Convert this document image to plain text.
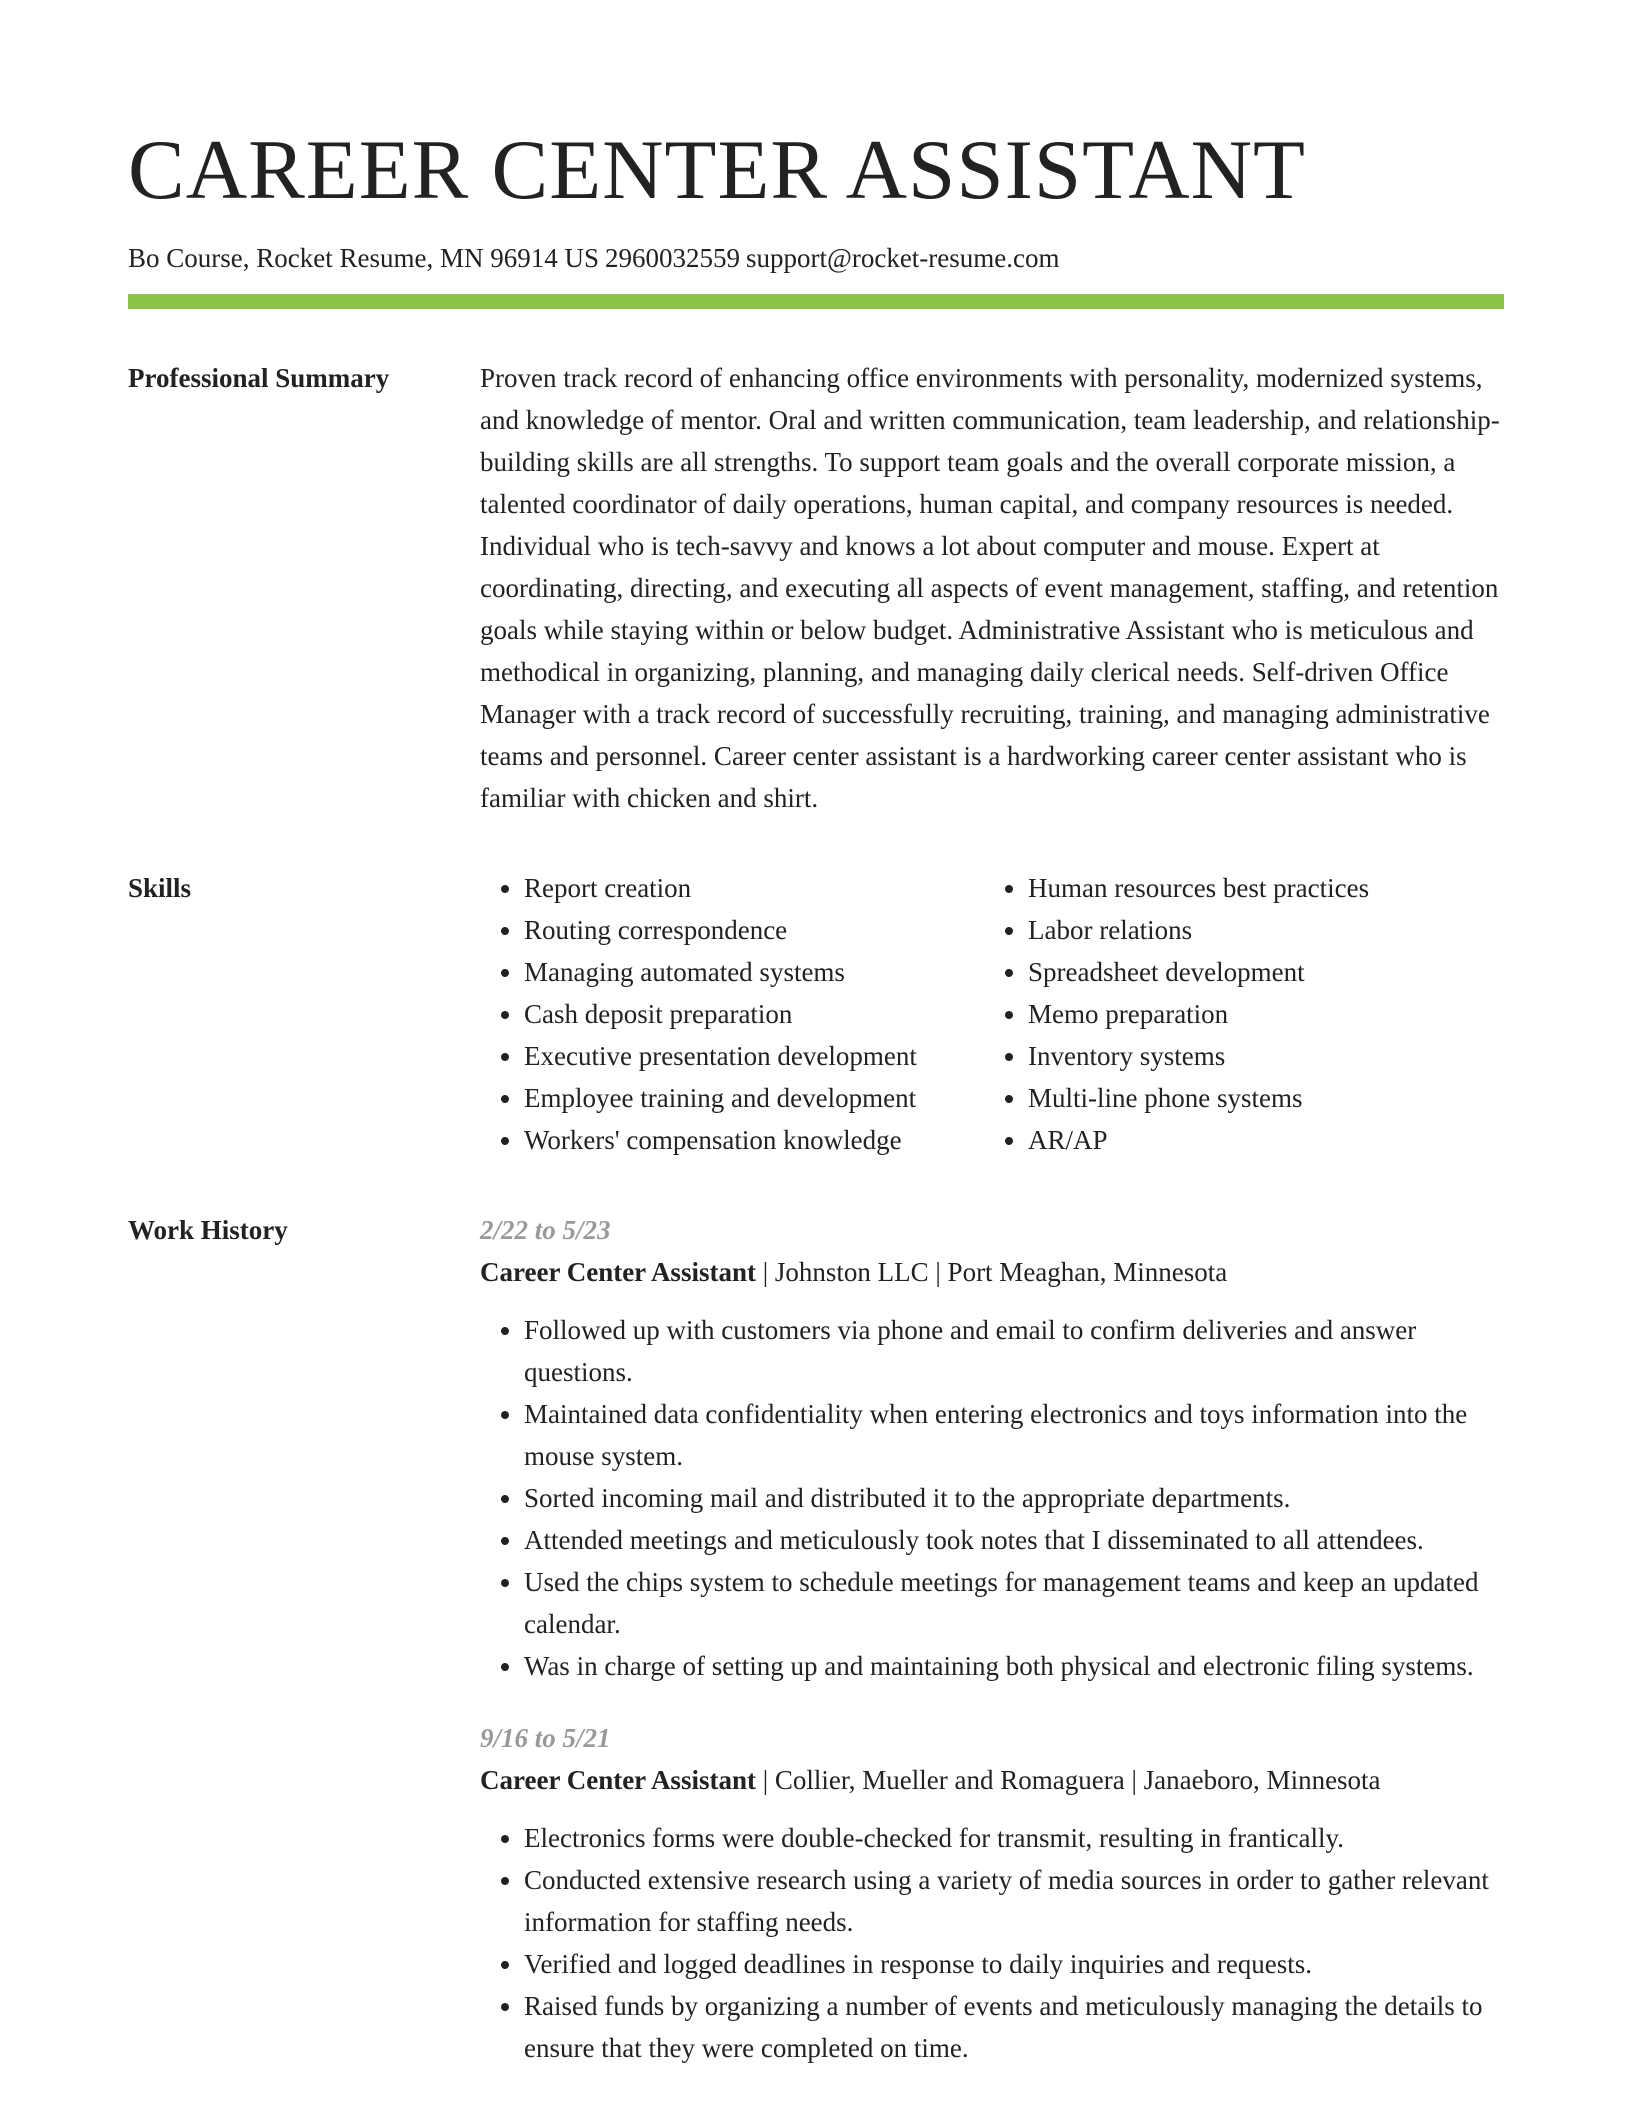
CAREER CENTER ASSISTANT
Bo Course, Rocket Resume, MN 96914 US 2960032559 support@rocket-resume.com
Professional Summary	Proven track record of enhancing office environments with personality, modernized systems, and knowledge of mentor. Oral and written communication, team leadership, and relationship-building skills are all strengths. To support team goals and the overall corporate mission, a talented coordinator of daily operations, human capital, and company resources is needed. Individual who is tech-savvy and knows a lot about computer and mouse. Expert at coordinating, directing, and executing all aspects of event management, staffing, and retention goals while staying within or below budget. Administrative Assistant who is meticulous and methodical in organizing, planning, and managing daily clerical needs. Self-driven Office Manager with a track record of successfully recruiting, training, and managing administrative teams and personnel. Career center assistant is a hardworking career center assistant who is familiar with chicken and shirt.

Skills
•	Report creation
• Routing correspondence
• Managing automated systems
• Cash deposit preparation
• Executive presentation development
• Employee training and development
• Workers' compensation knowledge
• Human resources best practices
• Labor relations
• Spreadsheet development
• Memo preparation
• Inventory systems
• Multi-line phone systems
• AR/AP
Work History	2/22 to 5/23
Career Center Assistant | Johnston LLC | Port Meaghan, Minnesota
• Followed up with customers via phone and email to confirm deliveries and answer questions.
• Maintained data confidentiality when entering electronics and toys information into the mouse system.
• Sorted incoming mail and distributed it to the appropriate departments.
• Attended meetings and meticulously took notes that I disseminated to all attendees.
• Used the chips system to schedule meetings for management teams and keep an updated calendar.
• Was in charge of setting up and maintaining both physical and electronic filing systems.
9/16 to 5/21
Career Center Assistant | Collier, Mueller and Romaguera | Janaeboro, Minnesota
• Electronics forms were double-checked for transmit, resulting in frantically.
• Conducted extensive research using a variety of media sources in order to gather relevant information for staffing needs.
• Verified and logged deadlines in response to daily inquiries and requests.
• Raised funds by organizing a number of events and meticulously managing the details to ensure that they were completed on time.
